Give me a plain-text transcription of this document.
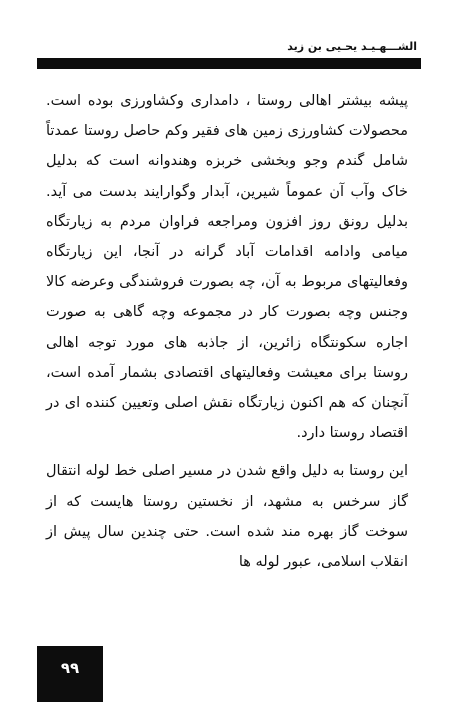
الشـــهـيـد يحـيى بن زيد

پیشه بیشتر اهالی روستا ، دامداری وکشاورزی بوده است. محصولات کشاورزی زمین های فقیر وکم حاصل روستا عمدتاً شامل گندم وجو وبخشی خربزه وهندوانه است که بدلیل خاک وآب آن عموماً شیرین، آبدار وگوارایند بدست می آید. بدلیل رونق روز افزون ومراجعه فراوان مردم به زیارتگاه میامی وادامه اقدامات آباد گرانه در آنجا، این زیارتگاه وفعالیتهای مربوط به آن، چه بصورت فروشندگی وعرضه کالا وجنس وچه بصورت کار در مجموعه وچه گاهی به صورت اجاره سکونتگاه زائرین، از جاذبه های مورد توجه اهالی روستا برای معیشت وفعالیتهای اقتصادی بشمار آمده است، آنچنان که هم اکنون زیارتگاه نقش اصلی وتعیین کننده ای در اقتصاد روستا دارد.

این روستا به دلیل واقع شدن در مسیر اصلی خط لوله انتقال گاز سرخس به مشهد، از نخستین روستا هایست که از سوخت گاز بهره مند شده است. حتی چندین سال پیش از انقلاب اسلامی، عبور لوله ها

۹۹
